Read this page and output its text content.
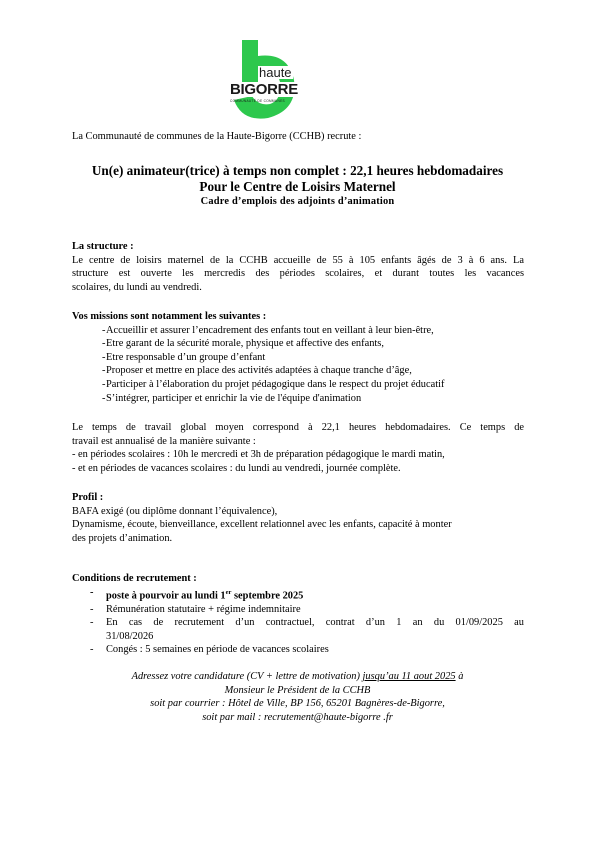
haute
BIGORRE
COMMUNAUTÉ DE COMMUNES
La Communauté de communes de la Haute-Bigorre (CCHB) recrute :
Un(e) animateur(trice) à temps non complet : 22,1 heures hebdomadaires
Pour le Centre de Loisirs Maternel
Cadre d’emplois des adjoints d’animation
La structure :
Le centre de loisirs maternel de la CCHB accueille de 55 à 105 enfants âgés de 3 à 6 ans. La
structure est ouverte les mercredis des périodes scolaires, et durant toutes les vacances
scolaires, du lundi au vendredi.
Vos missions sont notamment les suivantes :
- Accueillir et assurer l’encadrement des enfants tout en veillant à leur bien-être,
- Etre garant de la sécurité morale, physique et affective des enfants,
- Etre responsable d’un groupe d’enfant
- Proposer et mettre en place des activités adaptées à chaque tranche d’âge,
- Participer à l’élaboration du projet pédagogique dans le respect du projet éducatif
- S’intégrer, participer et enrichir la vie de l'équipe d'animation
Le temps de travail global moyen correspond à 22,1 heures hebdomadaires. Ce temps de
travail est annualisé de la manière suivante :
- en périodes scolaires : 10h le mercredi et 3h de préparation pédagogique le mardi matin,
- et en périodes de vacances scolaires : du lundi au vendredi, journée complète.
Profil :
BAFA exigé (ou diplôme donnant l’équivalence),
Dynamisme, écoute, bienveillance, excellent relationnel avec les enfants, capacité à monter
des projets d’animation.
Conditions de recrutement :
- poste à pourvoir au lundi 1er septembre 2025
- Rémunération statutaire + régime indemnitaire
- En cas de recrutement d’un contractuel, contrat d’un 1 an du 01/09/2025 au
31/08/2026
- Congés : 5 semaines en période de vacances scolaires
Adressez votre candidature (CV + lettre de motivation) jusqu’au 11 aout 2025 à
Monsieur le Président de la CCHB
soit par courrier : Hôtel de Ville, BP 156, 65201 Bagnères-de-Bigorre,
soit par mail : recrutement@haute-bigorre .fr
